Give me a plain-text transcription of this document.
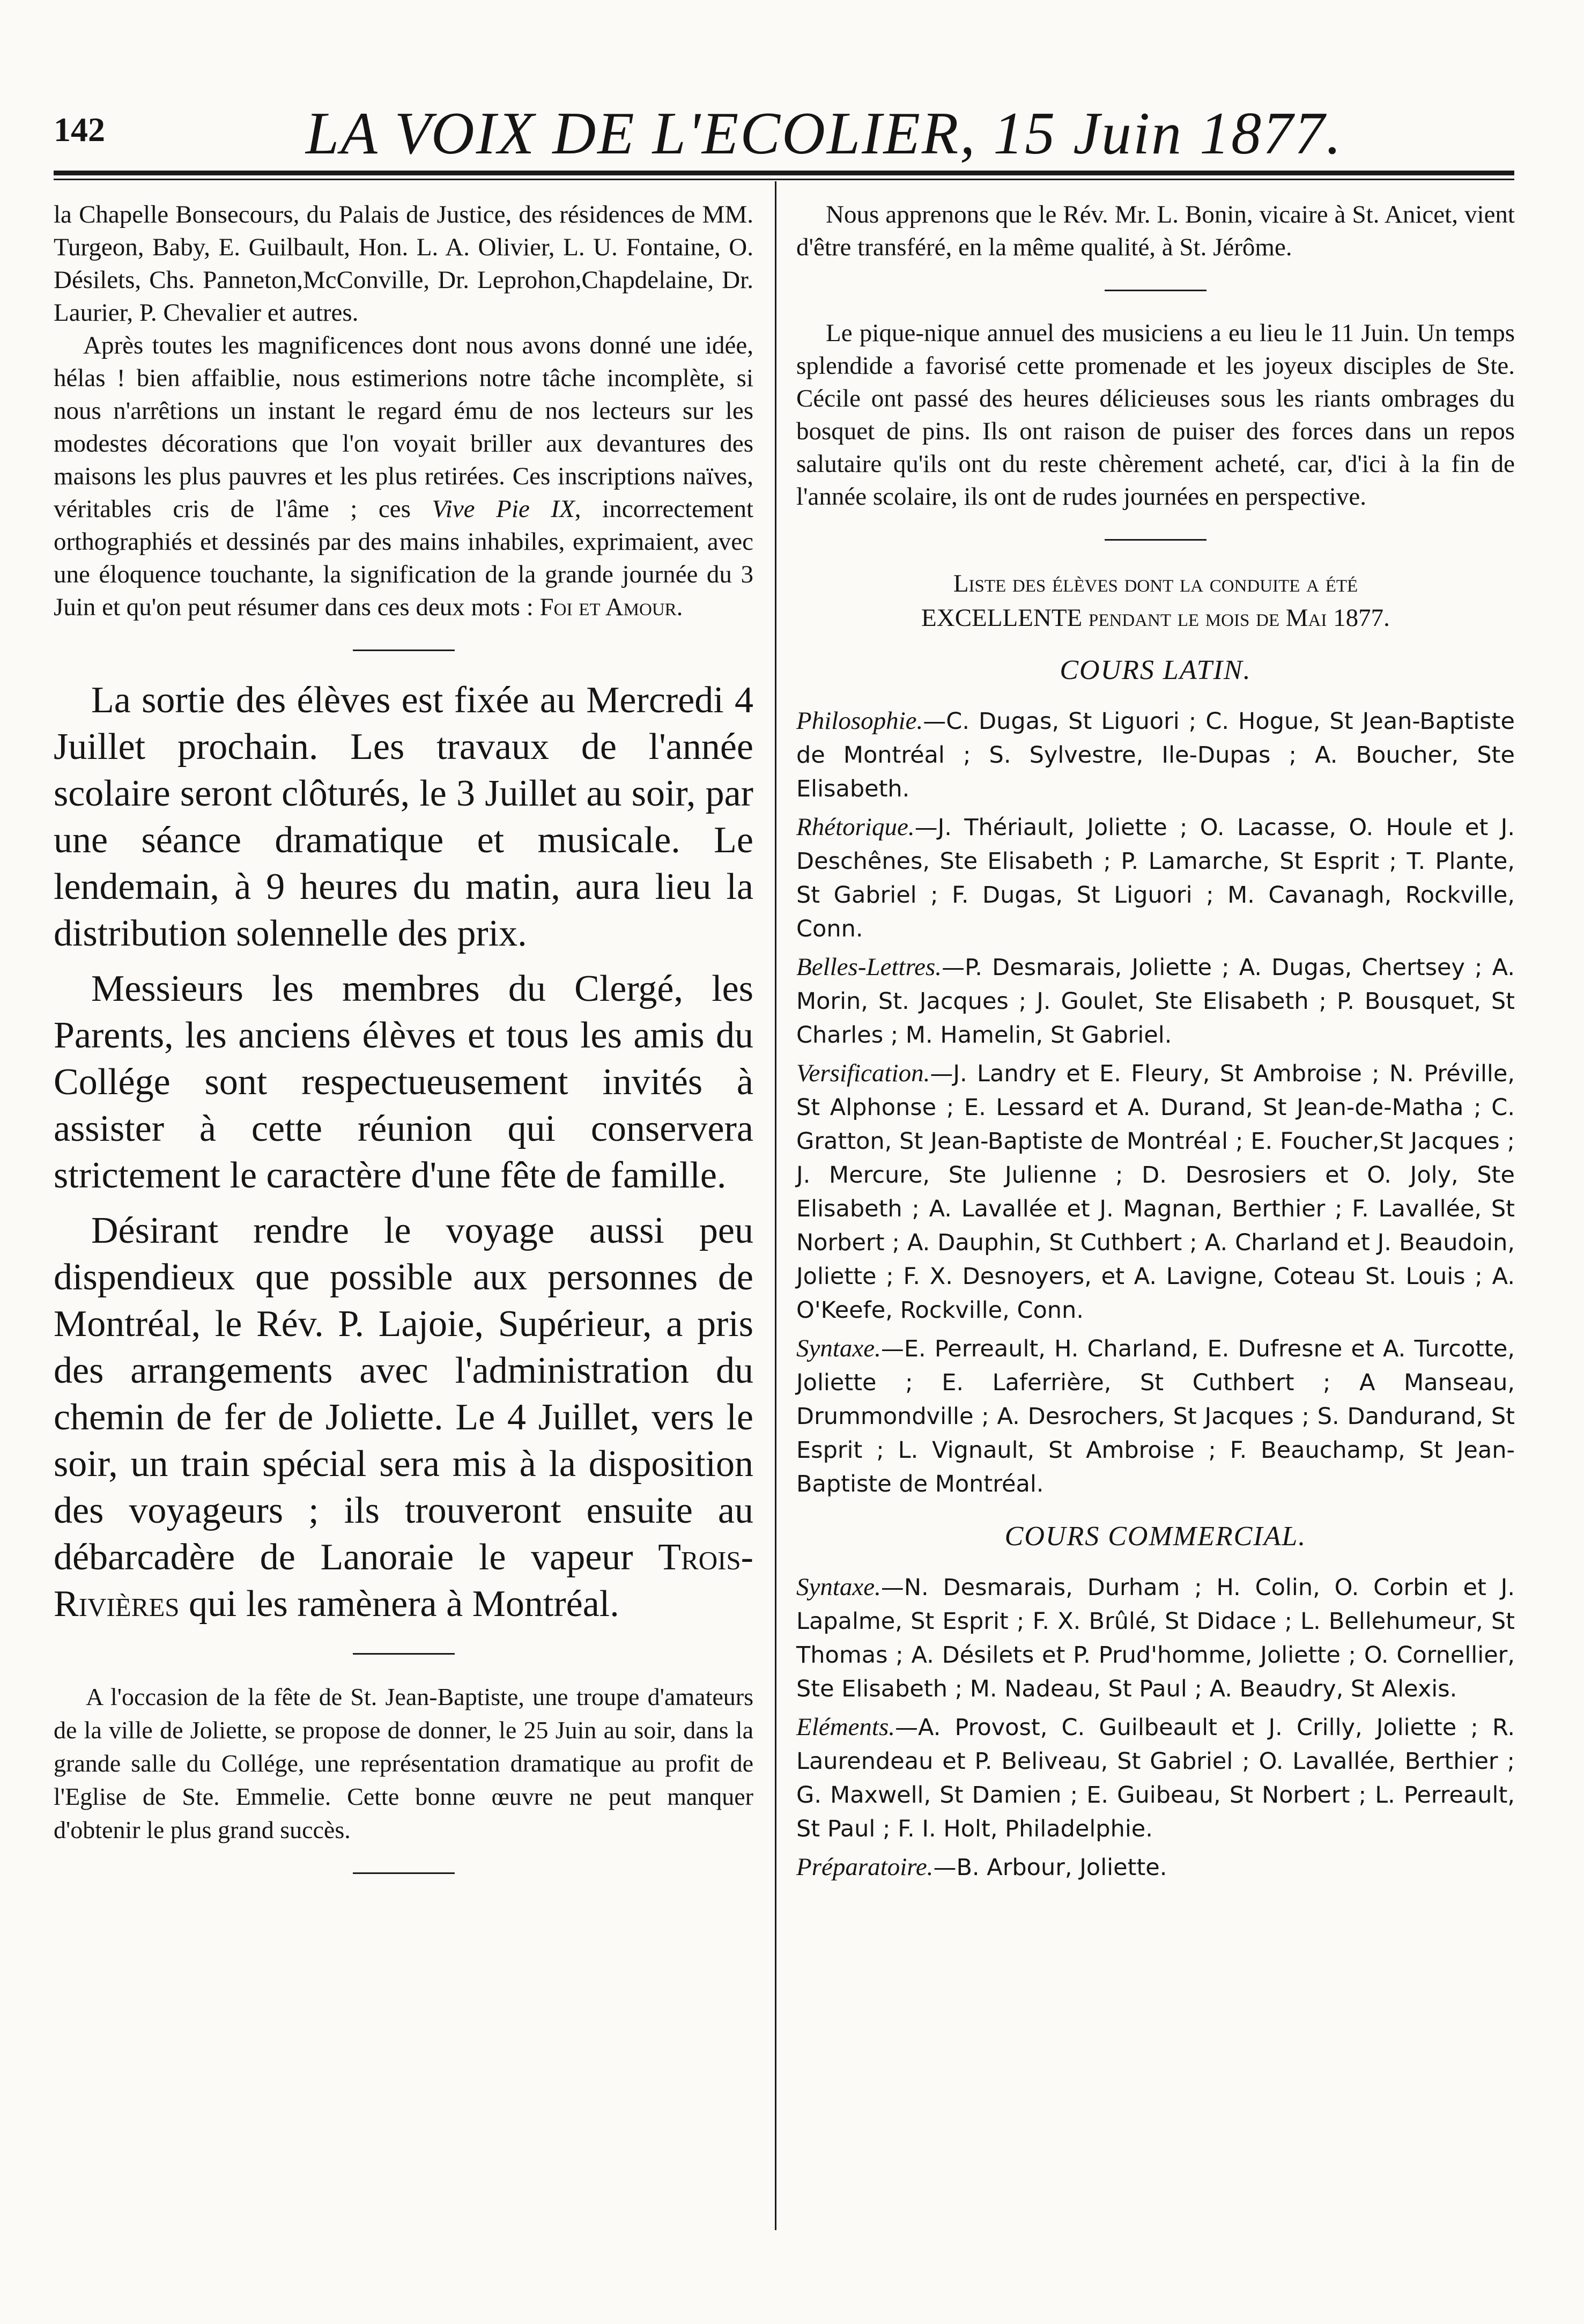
142	LA VOIX DE L'ECOLIER, 15 Juin 1877.

la Chapelle Bonsecours, du Palais de Justice, des résidences de MM. Turgeon, Baby, E. Guilbault, Hon. L. A. Olivier, L. U. Fontaine, O. Désilets, Chs. Panneton,McConville, Dr. Leprohon,Chapdelaine, Dr. Laurier, P. Chevalier et autres.

Après toutes les magnificences dont nous avons donné une idée, hélas ! bien affaiblie, nous estimerions notre tâche incomplète, si nous n'arrêtions un instant le regard ému de nos lecteurs sur les modestes décorations que l'on voyait briller aux devantures des maisons les plus pauvres et les plus retirées. Ces inscriptions naïves, véritables cris de l'âme ; ces Vive Pie IX, incorrectement orthographiés et dessinés par des mains inhabiles, exprimaient, avec une éloquence touchante, la signification de la grande journée du 3 Juin et qu'on peut résumer dans ces deux mots : Foi et Amour.

La sortie des élèves est fixée au Mercredi 4 Juillet prochain. Les travaux de l'année scolaire seront clôturés, le 3 Juillet au soir, par une séance dramatique et musicale. Le lendemain, à 9 heures du matin, aura lieu la distribution solennelle des prix.

Messieurs les membres du Clergé, les Parents, les anciens élèves et tous les amis du Collége sont respectueusement invités à assister à cette réunion qui conservera strictement le caractère d'une fête de famille.

Désirant rendre le voyage aussi peu dispendieux que possible aux personnes de Montréal, le Rév. P. Lajoie, Supérieur, a pris des arrangements avec l'administration du chemin de fer de Joliette. Le 4 Juillet, vers le soir, un train spécial sera mis à la disposition des voyageurs ; ils trouveront ensuite au débarcadère de Lanoraie le vapeur Trois-Rivières qui les ramènera à Montréal.

A l'occasion de la fête de St. Jean-Baptiste, une troupe d'amateurs de la ville de Joliette, se propose de donner, le 25 Juin au soir, dans la grande salle du Collége, une représentation dramatique au profit de l'Eglise de Ste. Emmelie. Cette bonne œuvre ne peut manquer d'obtenir le plus grand succès.

Nous apprenons que le Rév. Mr. L. Bonin, vicaire à St. Anicet, vient d'être transféré, en la même qualité, à St. Jérôme.

Le pique-nique annuel des musiciens a eu lieu le 11 Juin. Un temps splendide a favorisé cette promenade et les joyeux disciples de Ste. Cécile ont passé des heures délicieuses sous les riants ombrages du bosquet de pins. Ils ont raison de puiser des forces dans un repos salutaire qu'ils ont du reste chèrement acheté, car, d'ici à la fin de l'année scolaire, ils ont de rudes journées en perspective.

Liste des élèves dont la conduite a été
EXCELLENTE pendant le mois de Mai 1877.
COURS LATIN.

Philosophie.—C. Dugas, St Liguori ; C. Hogue, St Jean-Baptiste de Montréal ; S. Sylvestre, Ile-Dupas ; A. Boucher, Ste Elisabeth.

Rhétorique.—J. Thériault, Joliette ; O. Lacasse, O. Houle et J. Deschênes, Ste Elisabeth ; P. Lamarche, St Esprit ; T. Plante, St Gabriel ; F. Dugas, St Liguori ; M. Cavanagh, Rockville, Conn.

Belles-Lettres.—P. Desmarais, Joliette ; A. Dugas, Chertsey ; A. Morin, St. Jacques ; J. Goulet, Ste Elisabeth ; P. Bousquet, St Charles ; M. Hamelin, St Gabriel.

Versification.—J. Landry et E. Fleury, St Ambroise ; N. Préville, St Alphonse ; E. Lessard et A. Durand, St Jean-de-Matha ; C. Gratton, St Jean-Baptiste de Montréal ; E. Foucher,St Jacques ; J. Mercure, Ste Julienne ; D. Desrosiers et O. Joly, Ste Elisabeth ; A. Lavallée et J. Magnan, Berthier ; F. Lavallée, St Norbert ; A. Dauphin, St Cuthbert ; A. Charland et J. Beaudoin, Joliette ; F. X. Desnoyers, et A. Lavigne, Coteau St. Louis ; A. O'Keefe, Rockville, Conn.

Syntaxe.—E. Perreault, H. Charland, E. Dufresne et A. Turcotte, Joliette ; E. Laferrière, St Cuthbert ; A Manseau, Drummondville ; A. Desrochers, St Jacques ; S. Dandurand, St Esprit ; L. Vignault, St Ambroise ; F. Beauchamp, St Jean-Baptiste de Montréal.

COURS COMMERCIAL.

Syntaxe.—N. Desmarais, Durham ; H. Colin, O. Corbin et J. Lapalme, St Esprit ; F. X. Brûlé, St Didace ; L. Bellehumeur, St Thomas ; A. Désilets et P. Prud'homme, Joliette ; O. Cornellier, Ste Elisabeth ; M. Nadeau, St Paul ; A. Beaudry, St Alexis.

Eléments.—A. Provost, C. Guilbeault et J. Crilly, Joliette ; R. Laurendeau et P. Beliveau, St Gabriel ; O. Lavallée, Berthier ; G. Maxwell, St Damien ; E. Guibeau, St Norbert ; L. Perreault, St Paul ; F. I. Holt, Philadelphie.

Préparatoire.—B. Arbour, Joliette.
